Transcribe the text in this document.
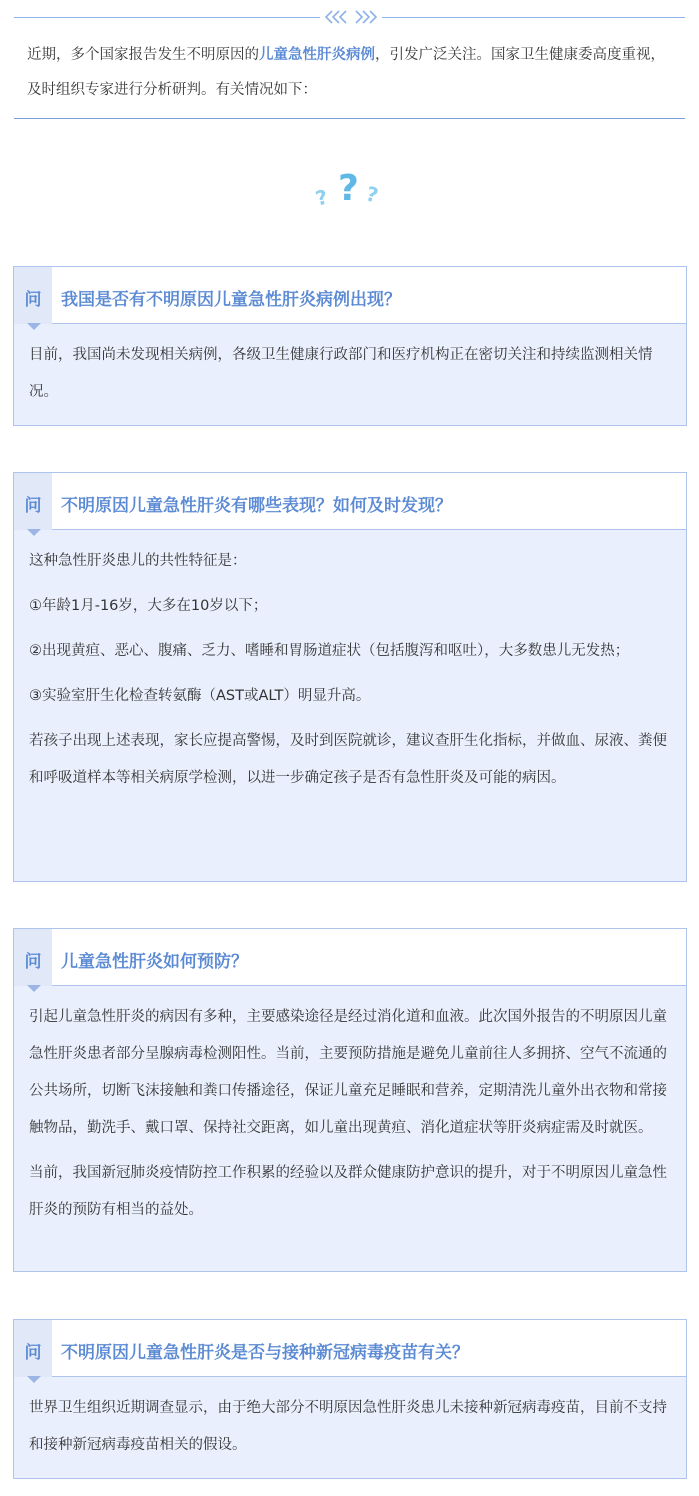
近期，多个国家报告发生不明原因的儿童急性肝炎病例，引发广泛关注。国家卫生健康委高度重视，及时组织专家进行分析研判。有关情况如下：
? ? ?
问	我国是否有不明原因儿童急性肝炎病例出现？

目前，我国尚未发现相关病例，各级卫生健康行政部门和医疗机构正在密切关注和持续监测相关情况。

问	不明原因儿童急性肝炎有哪些表现？如何及时发现？

这种急性肝炎患儿的共性特征是：

①年龄1月-16岁，大多在10岁以下；

②出现黄疸、恶心、腹痛、乏力、嗜睡和胃肠道症状（包括腹泻和呕吐），大多数患儿无发热；

③实验室肝生化检查转氨酶（AST或ALT）明显升高。

若孩子出现上述表现，家长应提高警惕，及时到医院就诊，建议查肝生化指标，并做血、尿液、粪便和呼吸道样本等相关病原学检测，以进一步确定孩子是否有急性肝炎及可能的病因。

问	儿童急性肝炎如何预防？

引起儿童急性肝炎的病因有多种，主要感染途径是经过消化道和血液。此次国外报告的不明原因儿童急性肝炎患者部分呈腺病毒检测阳性。当前，主要预防措施是避免儿童前往人多拥挤、空气不流通的公共场所，切断飞沫接触和粪口传播途径，保证儿童充足睡眠和营养，定期清洗儿童外出衣物和常接触物品，勤洗手、戴口罩、保持社交距离，如儿童出现黄疸、消化道症状等肝炎病症需及时就医。

当前，我国新冠肺炎疫情防控工作积累的经验以及群众健康防护意识的提升，对于不明原因儿童急性肝炎的预防有相当的益处。

问	不明原因儿童急性肝炎是否与接种新冠病毒疫苗有关？

世界卫生组织近期调查显示，由于绝大部分不明原因急性肝炎患儿未接种新冠病毒疫苗，目前不支持和接种新冠病毒疫苗相关的假设。
